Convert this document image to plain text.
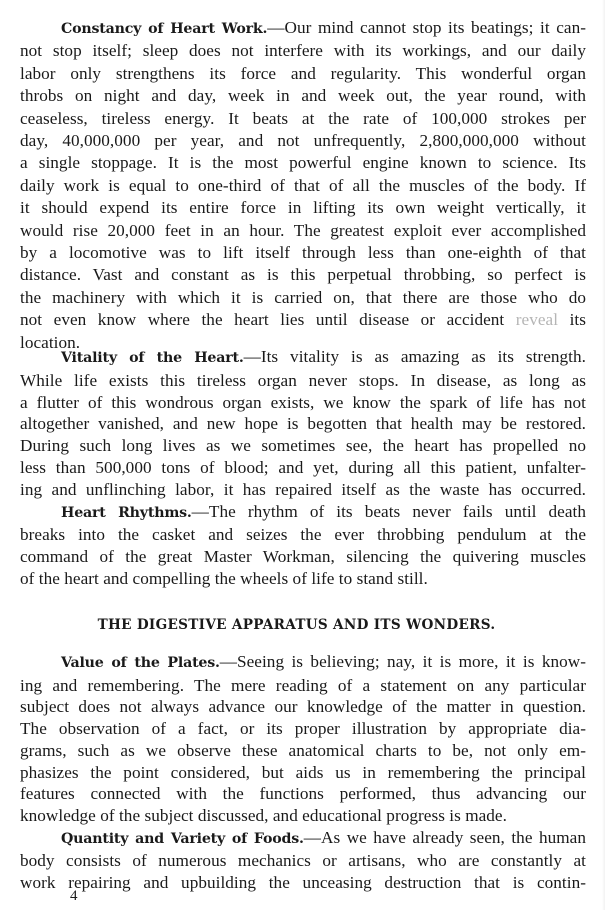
Constancy of Heart Work.—Our mind cannot stop its beatings; it can-
not stop itself; sleep does not interfere with its workings, and our daily
labor only strengthens its force and regularity. This wonderful organ
throbs on night and day, week in and week out, the year round, with
ceaseless, tireless energy. It beats at the rate of 100,000 strokes per
day, 40,000,000 per year, and not unfrequently, 2,800,000,000 without
a single stoppage. It is the most powerful engine known to science. Its
daily work is equal to one-third of that of all the muscles of the body. If
it should expend its entire force in lifting its own weight vertically, it
would rise 20,000 feet in an hour. The greatest exploit ever accomplished
by a locomotive was to lift itself through less than one-eighth of that
distance. Vast and constant as is this perpetual throbbing, so perfect is
the machinery with which it is carried on, that there are those who do
not even know where the heart lies until disease or accident reveal its
location.
Vitality of the Heart.—Its vitality is as amazing as its strength.
While life exists this tireless organ never stops. In disease, as long as
a flutter of this wondrous organ exists, we know the spark of life has not
altogether vanished, and new hope is begotten that health may be restored.
During such long lives as we sometimes see, the heart has propelled no
less than 500,000 tons of blood; and yet, during all this patient, unfalter-
ing and unflinching labor, it has repaired itself as the waste has occurred.
Heart Rhythms.—The rhythm of its beats never fails until death
breaks into the casket and seizes the ever throbbing pendulum at the
command of the great Master Workman, silencing the quivering muscles
of the heart and compelling the wheels of life to stand still.
THE DIGESTIVE APPARATUS AND ITS WONDERS.
Value of the Plates.—Seeing is believing; nay, it is more, it is know-
ing and remembering. The mere reading of a statement on any particular
subject does not always advance our knowledge of the matter in question.
The observation of a fact, or its proper illustration by appropriate dia-
grams, such as we observe these anatomical charts to be, not only em-
phasizes the point considered, but aids us in remembering the principal
features connected with the functions performed, thus advancing our
knowledge of the subject discussed, and educational progress is made.
Quantity and Variety of Foods.—As we have already seen, the human
body consists of numerous mechanics or artisans, who are constantly at
work repairing and upbuilding the unceasing destruction that is contin-
4
